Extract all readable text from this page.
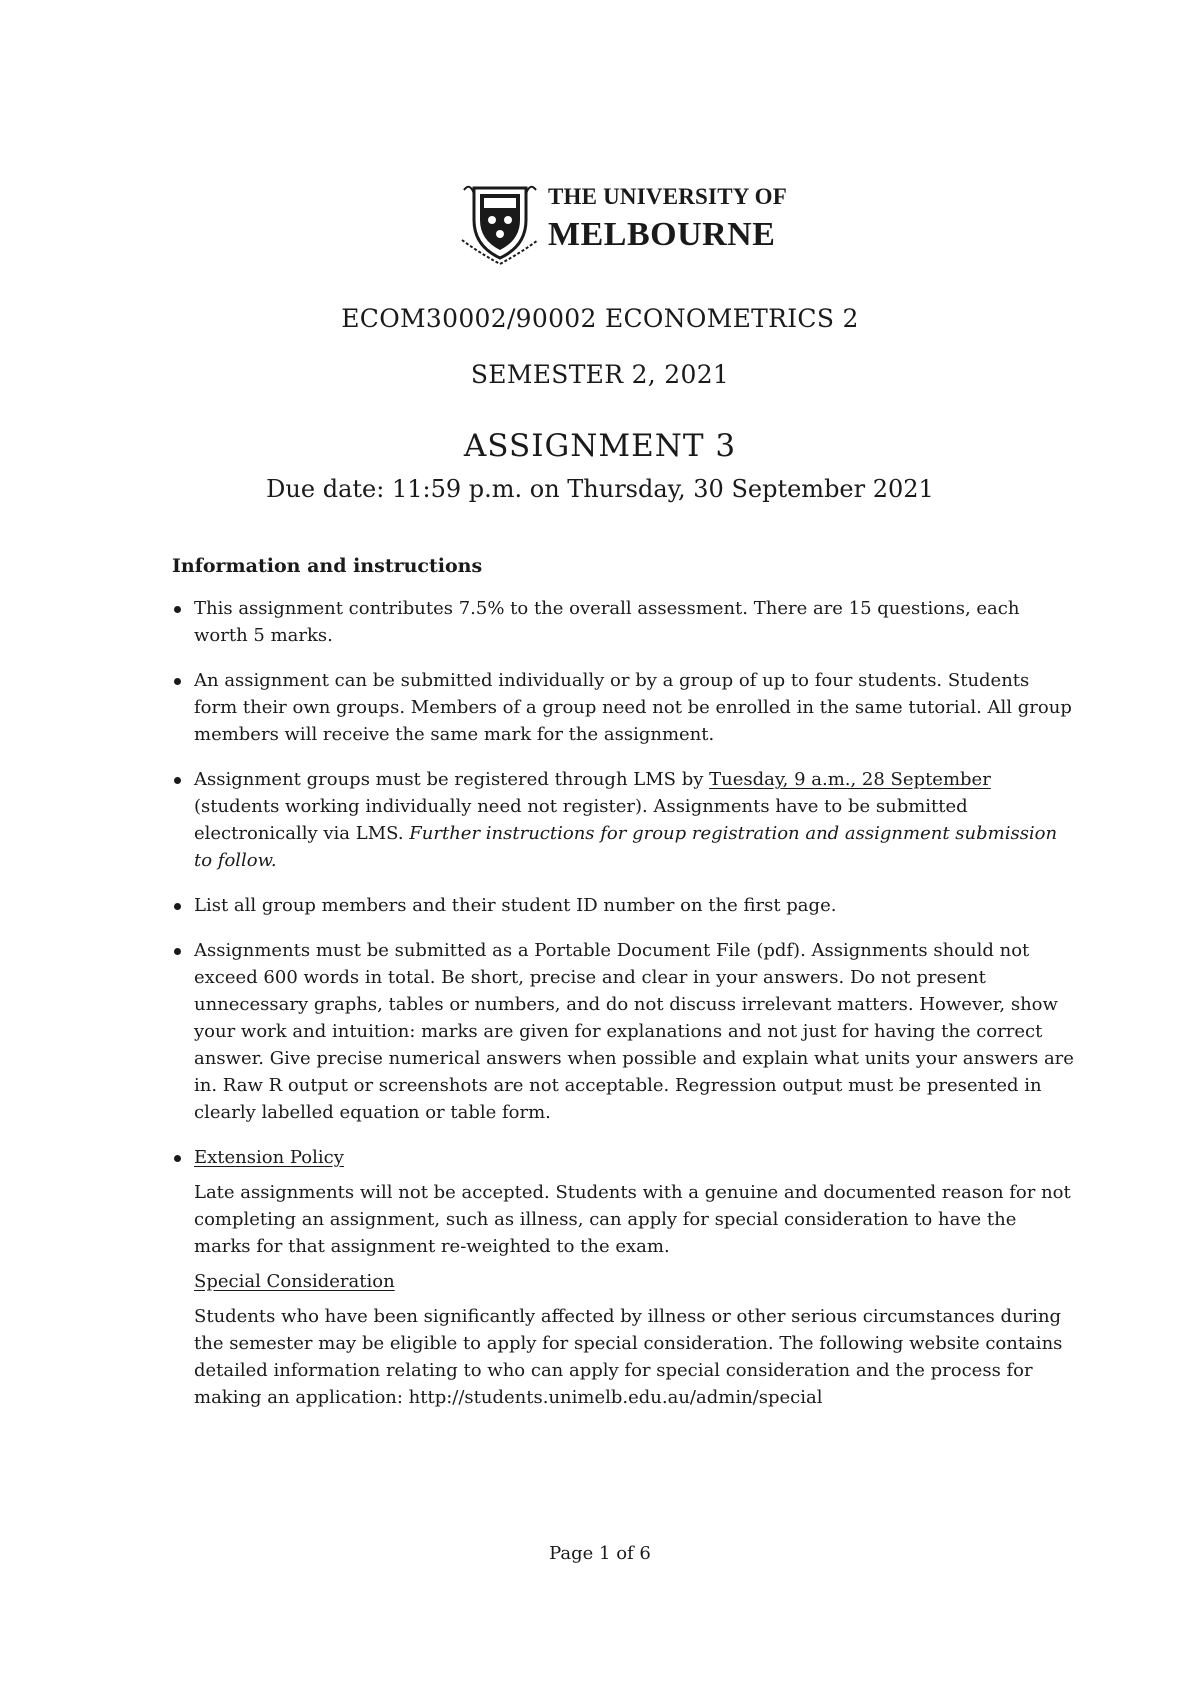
THE UNIVERSITY OF
MELBOURNE
ECOM30002/90002 ECONOMETRICS 2
SEMESTER 2, 2021
ASSIGNMENT 3
Due date: 11:59 p.m. on Thursday, 30 September 2021
Information and instructions
This assignment contributes 7.5% to the overall assessment. There are 15 questions, each worth 5 marks.
An assignment can be submitted individually or by a group of up to four students. Students form their own groups. Members of a group need not be enrolled in the same tutorial. All group members will receive the same mark for the assignment.
Assignment groups must be registered through LMS by Tuesday, 9 a.m., 28 September (students working individually need not register). Assignments have to be submitted electronically via LMS. Further instructions for group registration and assignment submission to follow.
List all group members and their student ID number on the first page.
Assignments must be submitted as a Portable Document File (pdf). Assignments should not exceed 600 words in total. Be short, precise and clear in your answers. Do not present unnecessary graphs, tables or numbers, and do not discuss irrelevant matters. However, show your work and intuition: marks are given for explanations and not just for having the correct answer. Give precise numerical answers when possible and explain what units your answers are in. Raw R output or screenshots are not acceptable. Regression output must be presented in clearly labelled equation or table form.
Extension Policy
Late assignments will not be accepted. Students with a genuine and documented reason for not completing an assignment, such as illness, can apply for special consideration to have the marks for that assignment re-weighted to the exam.
Special Consideration
Students who have been significantly affected by illness or other serious circumstances during the semester may be eligible to apply for special consideration. The following website contains detailed information relating to who can apply for special consideration and the process for making an application: http://students.unimelb.edu.au/admin/special
Page 1 of 6
